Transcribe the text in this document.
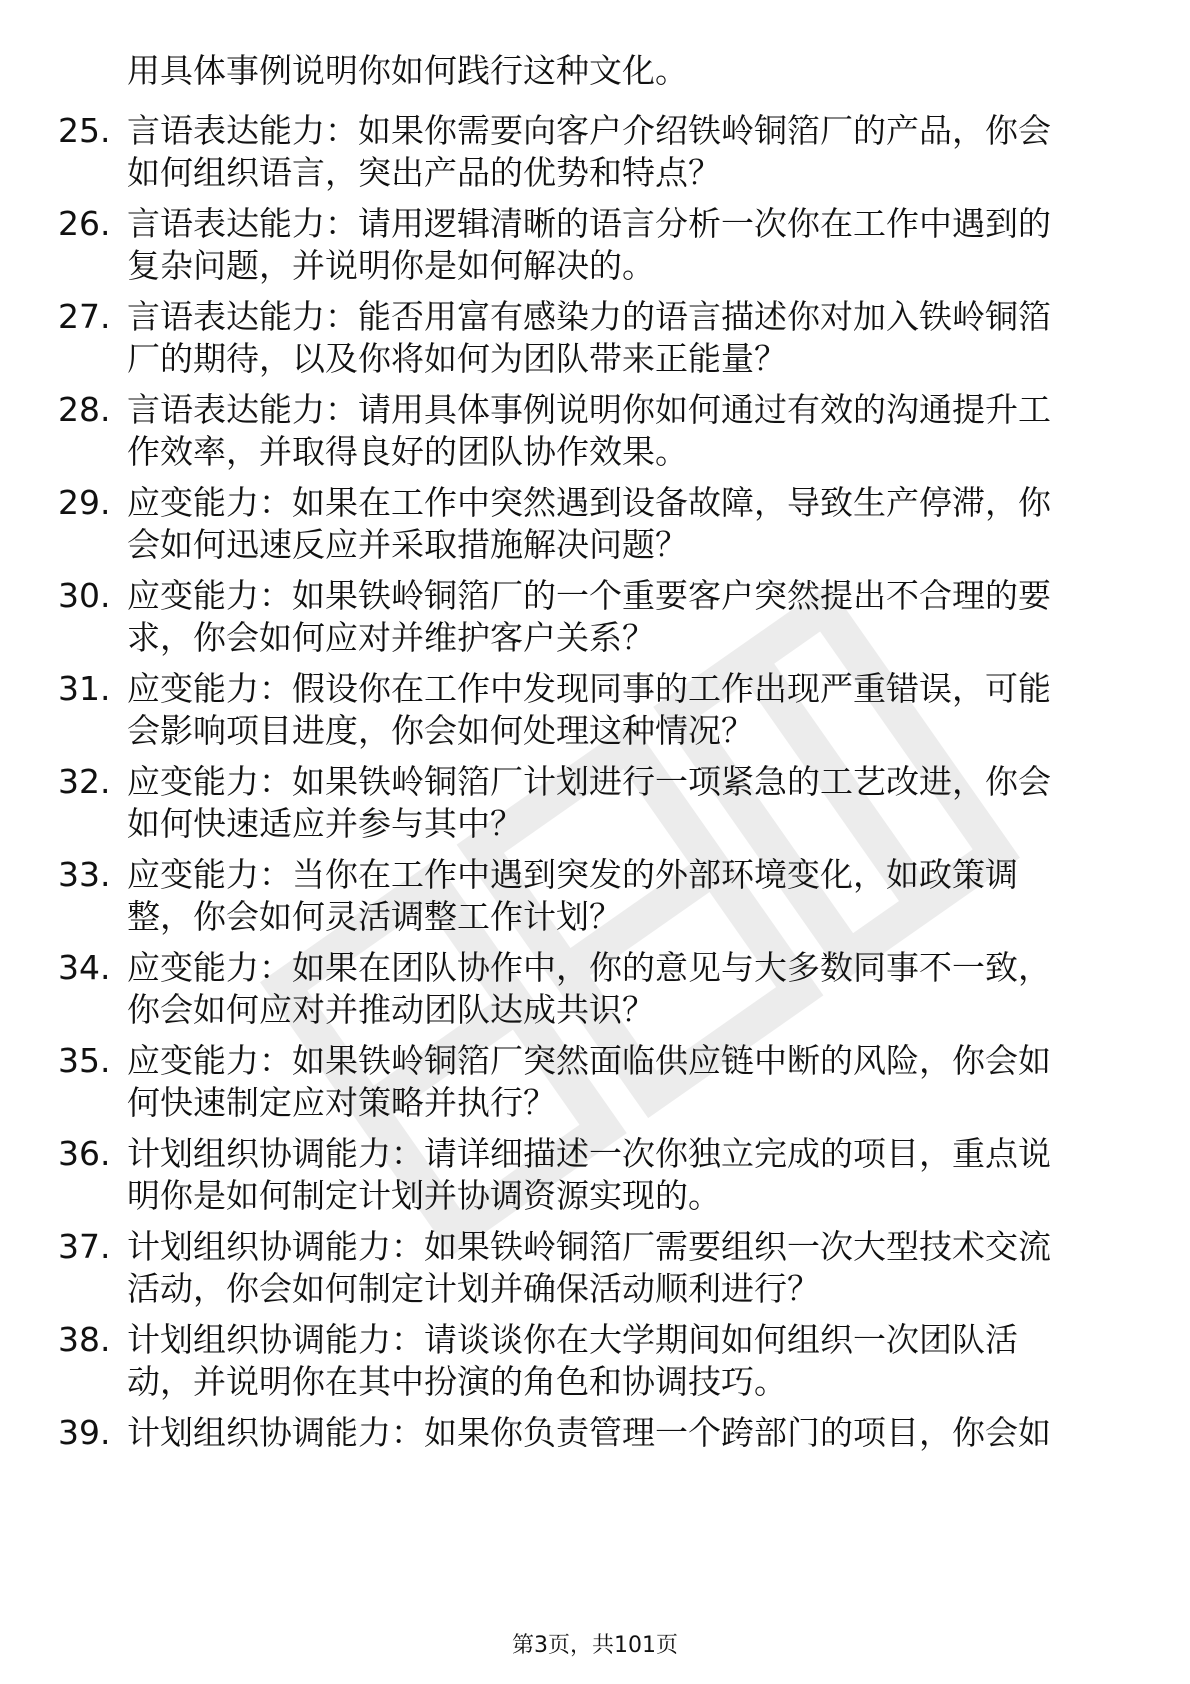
用具体事例说明你如何践行这种文化。
25. 言语表达能力：如果你需要向客户介绍铁岭铜箔厂的产品，你会
如何组织语言，突出产品的优势和特点？
26. 言语表达能力：请用逻辑清晰的语言分析一次你在工作中遇到的
复杂问题，并说明你是如何解决的。
27. 言语表达能力：能否用富有感染力的语言描述你对加入铁岭铜箔
厂的期待，以及你将如何为团队带来正能量？
28. 言语表达能力：请用具体事例说明你如何通过有效的沟通提升工
作效率，并取得良好的团队协作效果。
29. 应变能力：如果在工作中突然遇到设备故障，导致生产停滞，你
会如何迅速反应并采取措施解决问题？
30. 应变能力：如果铁岭铜箔厂的一个重要客户突然提出不合理的要
求，你会如何应对并维护客户关系？
31. 应变能力：假设你在工作中发现同事的工作出现严重错误，可能
会影响项目进度，你会如何处理这种情况？
32. 应变能力：如果铁岭铜箔厂计划进行一项紧急的工艺改进，你会
如何快速适应并参与其中？
33. 应变能力：当你在工作中遇到突发的外部环境变化，如政策调
整，你会如何灵活调整工作计划？
34. 应变能力：如果在团队协作中，你的意见与大多数同事不一致，
你会如何应对并推动团队达成共识？
35. 应变能力：如果铁岭铜箔厂突然面临供应链中断的风险，你会如
何快速制定应对策略并执行？
36. 计划组织协调能力：请详细描述一次你独立完成的项目，重点说
明你是如何制定计划并协调资源实现的。
37. 计划组织协调能力：如果铁岭铜箔厂需要组织一次大型技术交流
活动，你会如何制定计划并确保活动顺利进行？
38. 计划组织协调能力：请谈谈你在大学期间如何组织一次团队活
动，并说明你在其中扮演的角色和协调技巧。
39. 计划组织协调能力：如果你负责管理一个跨部门的项目，你会如
第3页，共101页
